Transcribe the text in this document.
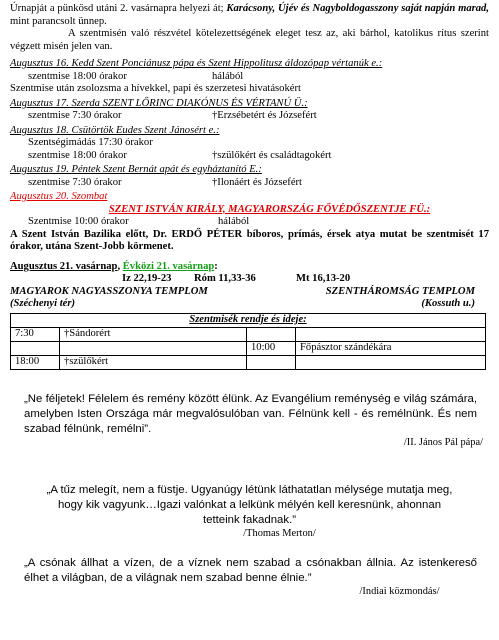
Úrnapját a pünkösd utáni 2. vasárnapra helyezi át; Karácsony, Újév és Nagyboldogasszony saját napján marad, mint parancsolt ünnep.

A szentmisén való részvétel kötelezettségének eleget tesz az, aki bárhol, katolikus rítus szerint végzett misén jelen van.

Augusztus 16. Kedd Szent Ponciánusz pápa és Szent Hippolitusz áldozópap vértanúk e.:

szentmise 18:00 órakor	hálából

Szentmise után zsolozsma a hívekkel, papi és szerzetesi hivatásokért

Augusztus 17. Szerda SZENT LŐRINC DIAKÓNUS ÉS VÉRTANÚ Ü.:

szentmise 7:30 órakor	†Erzsébetért és Józsefért

Augusztus 18. Csütörtök Eudes Szent Jánosért e.:

Szentségimádás 17:30 órakor

szentmise 18:00 órakor	†szülőkért és családtagokért

Augusztus 19. Péntek Szent Bernát apát és egyháztanító E.:

szentmise 7:30 órakor	†Ilonáért és Józsefért

Augusztus 20. Szombat

SZENT ISTVÁN KIRÁLY, MAGYARORSZÁG FŐVÉDŐSZENTJE FÜ.:

Szentmise 10:00 órakor	hálából

A Szent István Bazilika előtt, Dr. ERDŐ PÉTER bíboros, prímás, érsek atya mutat be szentmisét 17 órakor, utána Szent-Jobb körmenet.

Augusztus 21. vasárnap, Évközi 21. vasárnap:

Iz 22,19-23	Róm 11,33-36	Mt 16,13-20
MAGYAROK NAGYASSZONYA TEMPLOM	SZENTHÁROMSÁG TEMPLOM
(Széchenyi tér)	(Kossuth u.)
Szentmisék rendje és ideje:			
7:30	†Sándorért		
		10:00	Főpásztor szándékára
18:00	†szülőkért		

„Ne féljetek! Félelem és remény között élünk. Az Evangélium reménység e világ számára, amelyben Isten Országa már megvalósulóban van. Félnünk kell - és remélnünk. És nem szabad félnünk, remélni”.

/II. János Pál pápa/

„A tűz melegít, nem a füstje. Ugyanúgy létünk láthatatlan mélysége mutatja meg, hogy kik vagyunk…Igazi valónkat a lelkünk mélyén kell keresnünk, ahonnan tetteink fakadnak.”

/Thomas Merton/

„A csónak állhat a vízen, de a víznek nem szabad a csónakban állnia. Az istenkereső élhet a világban, de a világnak nem szabad benne élnie.”

/Indiai közmondás/
